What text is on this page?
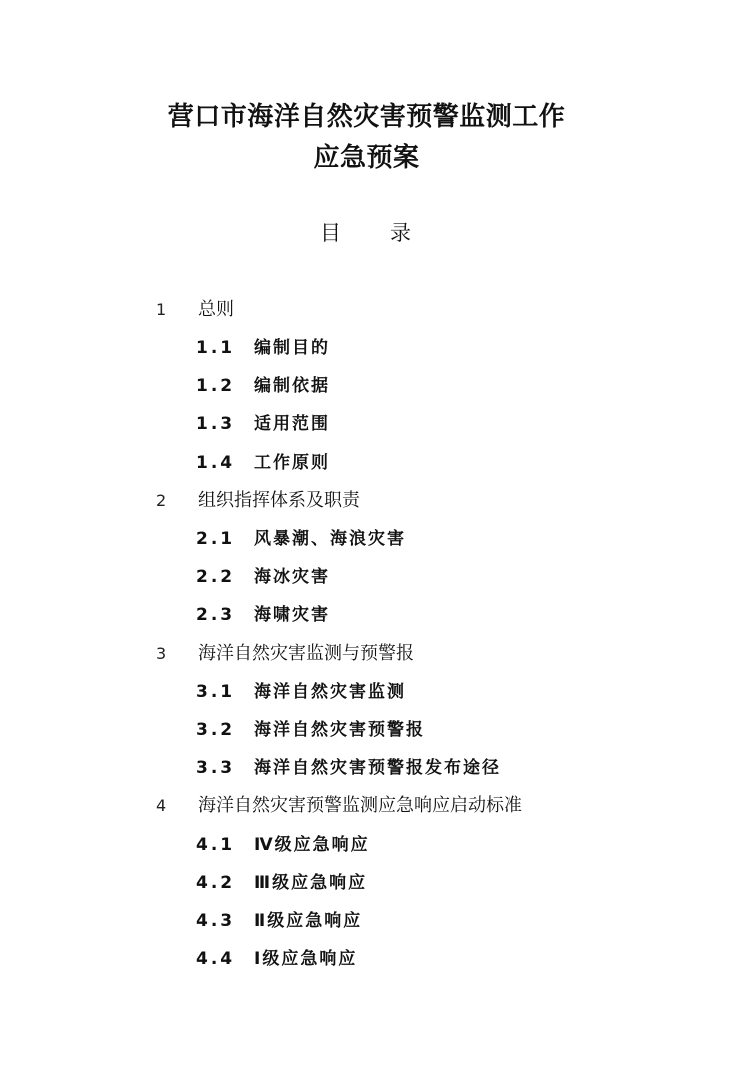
营口市海洋自然灾害预警监测工作
应急预案
目 录
1 总则
1.1 编制目的
1.2 编制依据
1.3 适用范围
1.4 工作原则
2 组织指挥体系及职责
2.1 风暴潮、海浪灾害
2.2 海冰灾害
2.3 海啸灾害
3 海洋自然灾害监测与预警报
3.1 海洋自然灾害监测
3.2 海洋自然灾害预警报
3.3 海洋自然灾害预警报发布途径
4 海洋自然灾害预警监测应急响应启动标准
4.1 Ⅳ级应急响应
4.2 Ⅲ级应急响应
4.3 Ⅱ级应急响应
4.4 Ⅰ级应急响应
